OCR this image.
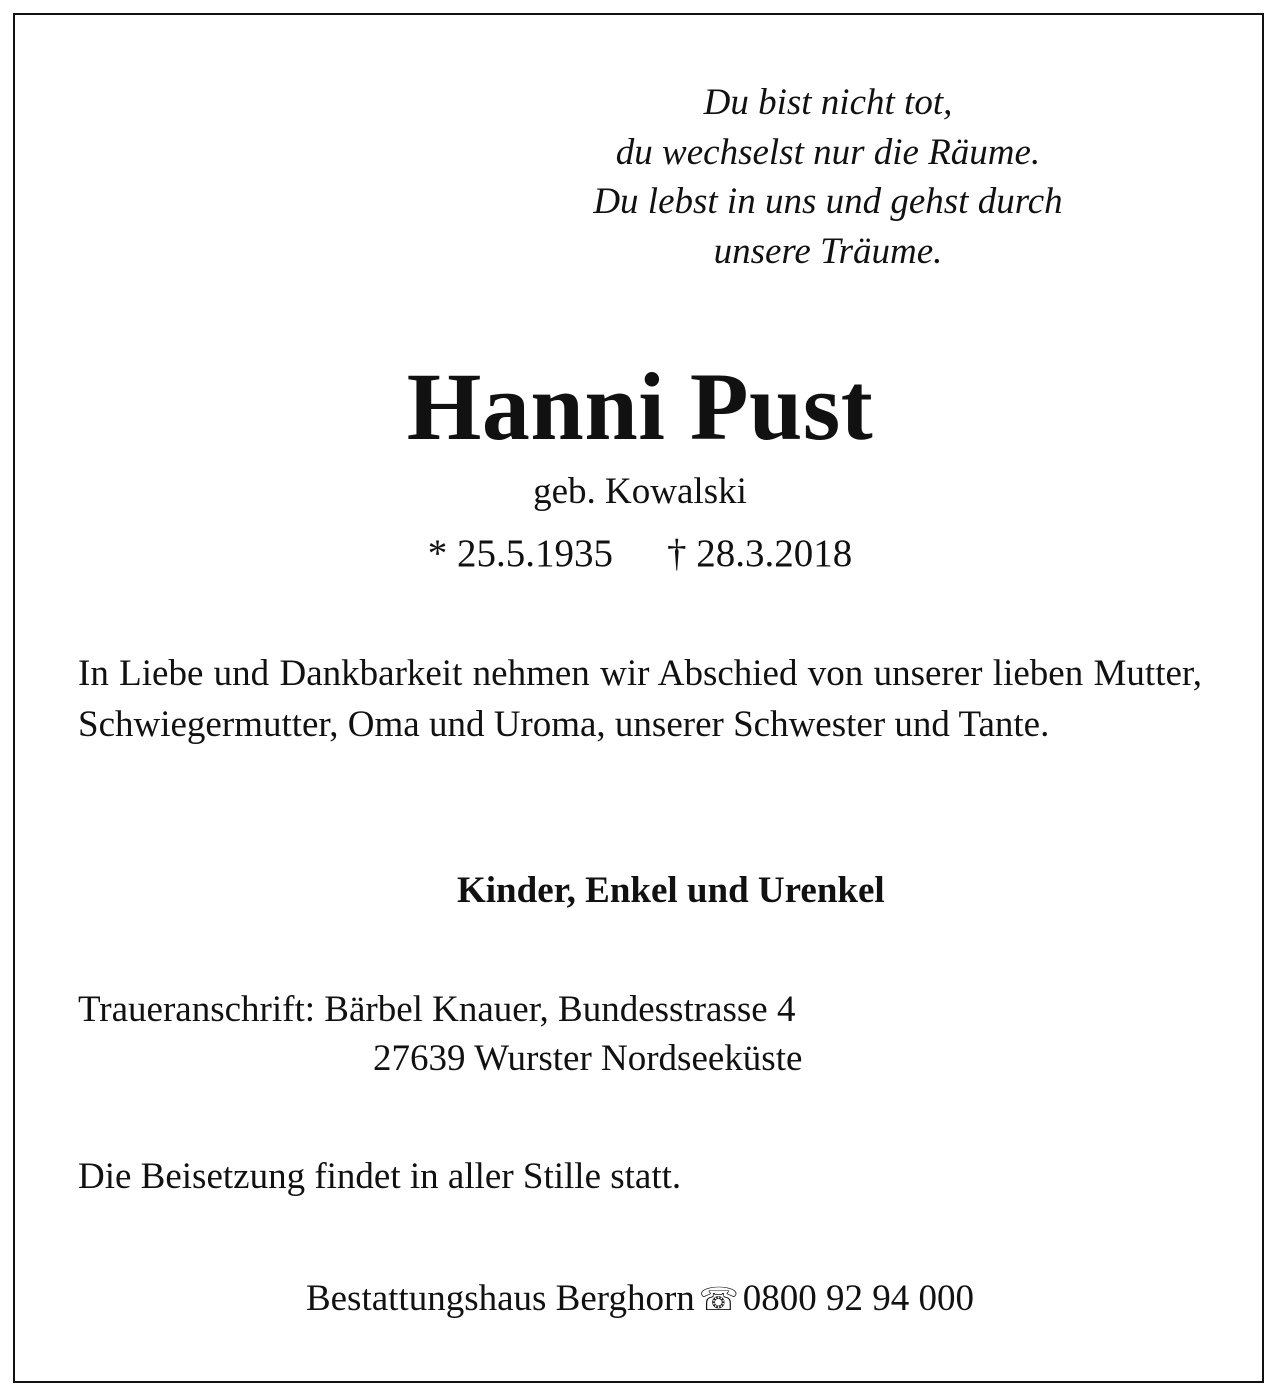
Du bist nicht tot,
du wechselst nur die Räume.
Du lebst in uns und gehst durch
unsere Träume.
Hanni Pust
geb. Kowalski
* 25.5.1935 † 28.3.2018
In Liebe und Dankbarkeit nehmen wir Abschied von unserer lieben Mutter, Schwiegermutter, Oma und Uroma, unserer Schwester und Tante.
Kinder, Enkel und Urenkel
Traueranschrift: Bärbel Knauer, Bundesstrasse 4
27639 Wurster Nordseeküste
Die Beisetzung findet in aller Stille statt.
Bestattungshaus Berghorn ☏ 0800 92 94 000
